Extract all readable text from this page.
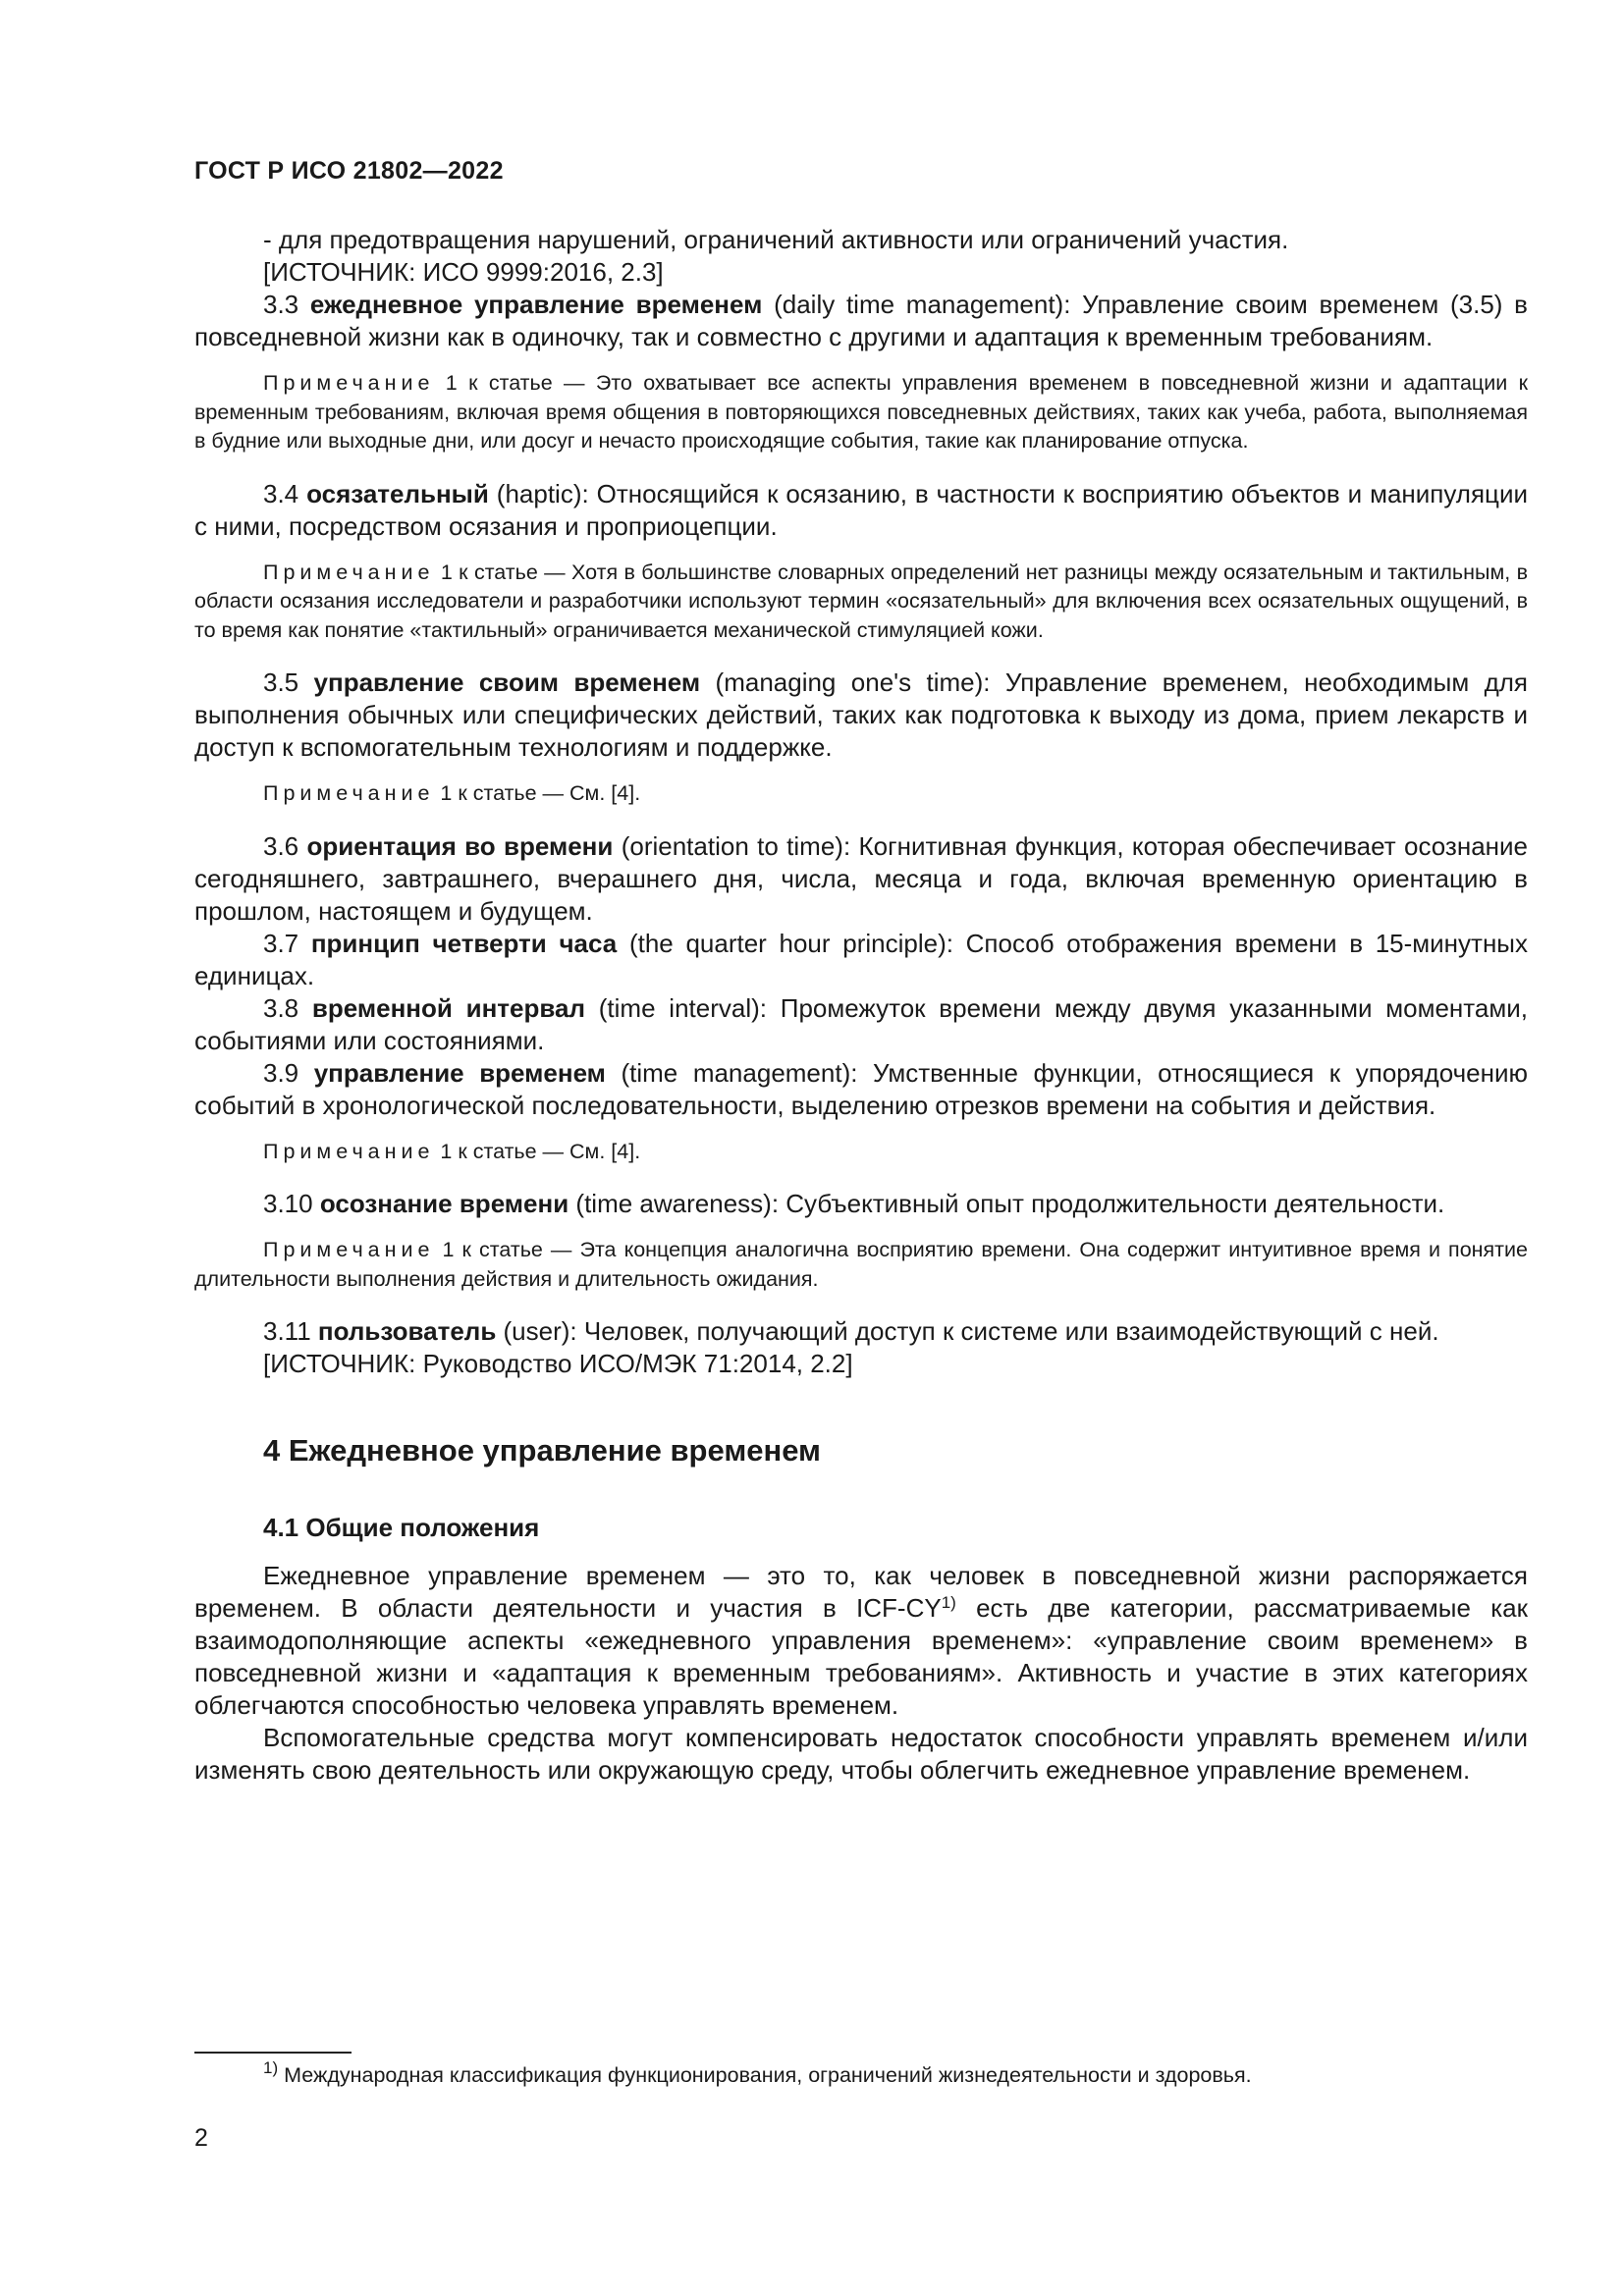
ГОСТ Р ИСО 21802—2022

- для предотвращения нарушений, ограничений активности или ограничений участия.

[ИСТОЧНИК: ИСО 9999:2016, 2.3]

3.3 ежедневное управление временем (daily time management): Управление своим временем (3.5) в повседневной жизни как в одиночку, так и совместно с другими и адаптация к временным требованиям.

Примечание 1 к статье — Это охватывает все аспекты управления временем в повседневной жизни и адаптации к временным требованиям, включая время общения в повторяющихся повседневных действиях, таких как учеба, работа, выполняемая в будние или выходные дни, или досуг и нечасто происходящие события, такие как планирование отпуска.

3.4 осязательный (haptic): Относящийся к осязанию, в частности к восприятию объектов и манипуляции с ними, посредством осязания и проприоцепции.

Примечание 1 к статье — Хотя в большинстве словарных определений нет разницы между осязательным и тактильным, в области осязания исследователи и разработчики используют термин «осязательный» для включения всех осязательных ощущений, в то время как понятие «тактильный» ограничивается механической стимуляцией кожи.

3.5 управление своим временем (managing one's time): Управление временем, необходимым для выполнения обычных или специфических действий, таких как подготовка к выходу из дома, прием лекарств и доступ к вспомогательным технологиям и поддержке.

Примечание 1 к статье — См. [4].

3.6 ориентация во времени (orientation to time): Когнитивная функция, которая обеспечивает осознание сегодняшнего, завтрашнего, вчерашнего дня, числа, месяца и года, включая временную ориентацию в прошлом, настоящем и будущем.

3.7 принцип четверти часа (the quarter hour principle): Способ отображения времени в 15-минутных единицах.

3.8 временной интервал (time interval): Промежуток времени между двумя указанными моментами, событиями или состояниями.

3.9 управление временем (time management): Умственные функции, относящиеся к упорядочению событий в хронологической последовательности, выделению отрезков времени на события и действия.

Примечание 1 к статье — См. [4].

3.10 осознание времени (time awareness): Субъективный опыт продолжительности деятельности.

Примечание 1 к статье — Эта концепция аналогична восприятию времени. Она содержит интуитивное время и понятие длительности выполнения действия и длительность ожидания.

3.11 пользователь (user): Человек, получающий доступ к системе или взаимодействующий с ней.

[ИСТОЧНИК: Руководство ИСО/МЭК 71:2014, 2.2]

4 Ежедневное управление временем
4.1 Общие положения

Ежедневное управление временем — это то, как человек в повседневной жизни распоряжается временем. В области деятельности и участия в ICF-CY$^{1)}$ есть две категории, рассматриваемые как взаимодополняющие аспекты «ежедневного управления временем»: «управление своим временем» в повседневной жизни и «адаптация к временным требованиям». Активность и участие в этих категориях облегчаются способностью человека управлять временем.

Вспомогательные средства могут компенсировать недостаток способности управлять временем и/или изменять свою деятельность или окружающую среду, чтобы облегчить ежедневное управление временем.

$^{1)}$ Международная классификация функционирования, ограничений жизнедеятельности и здоровья.
2
